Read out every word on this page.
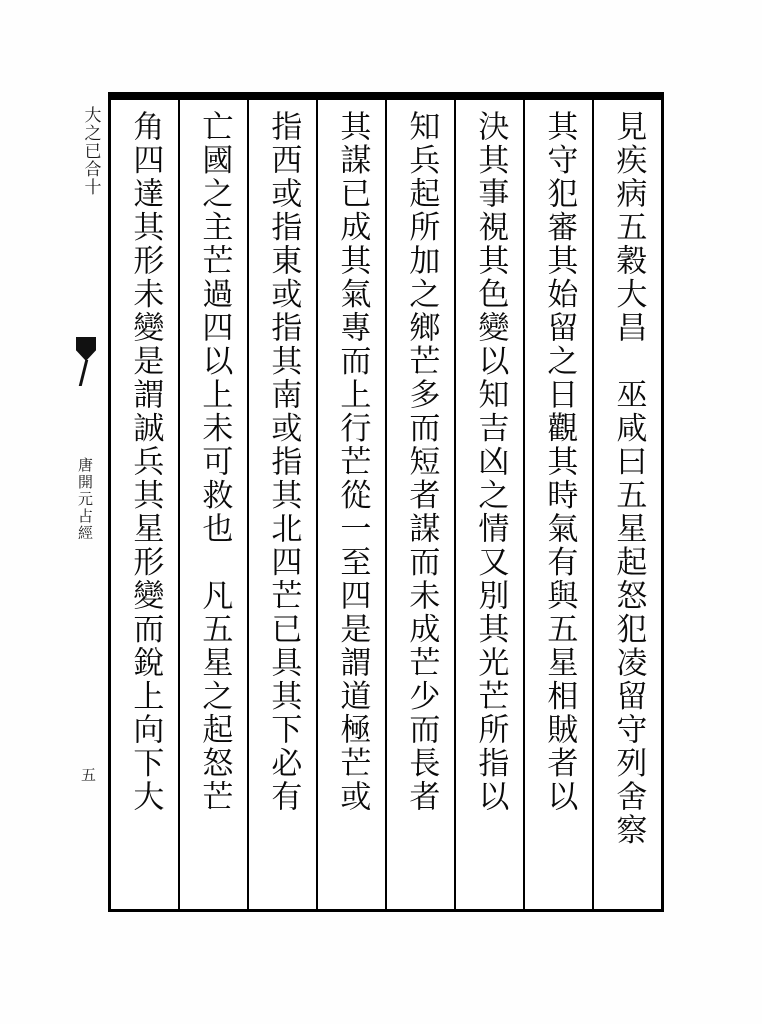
大之已合十
唐開元占經
五	見疾病五穀大昌　巫咸曰五星起怒犯凌留守列舍察
其守犯審其始留之日觀其時氣有與五星相賊者以
決其事視其色變以知吉凶之情又別其光芒所指以
知兵起所加之鄉芒多而短者謀而未成芒少而長者
其謀已成其氣專而上行芒從一至四是謂道極芒或
指西或指東或指其南或指其北四芒已具其下必有
亡國之主芒過四以上未可救也　凡五星之起怒芒
角四達其形未變是謂誠兵其星形變而銳上向下大
